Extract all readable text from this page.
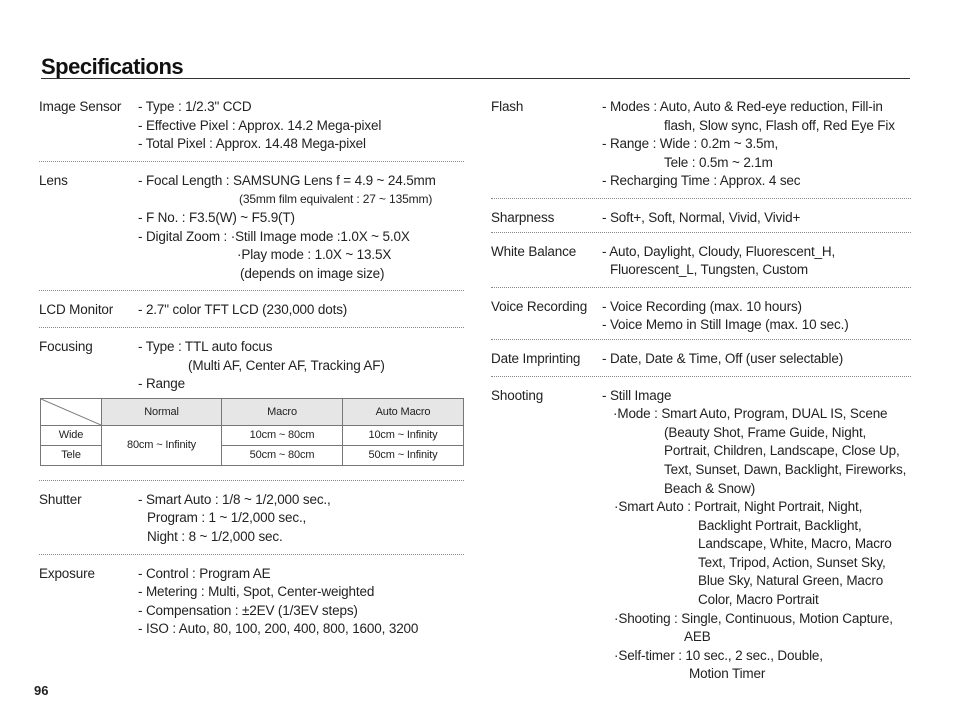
Specifications
Image Sensor	- Type : 1/2.3" CCD
- Effective Pixel : Approx. 14.2 Mega-pixel
- Total Pixel : Approx. 14.48 Mega-pixel
Lens	- Focal Length : SAMSUNG Lens f = 4.9 ~ 24.5mm
(35mm film equivalent : 27 ~ 135mm)
- F No. : F3.5(W) ~ F5.9(T)
- Digital Zoom : ·Still Image mode :1.0X ~ 5.0X
·Play mode : 1.0X ~ 13.5X
(depends on image size)
LCD Monitor	- 2.7" color TFT LCD (230,000 dots)
Focusing	- Type : TTL auto focus
(Multi AF, Center AF, Tracking AF)
- Range
	Normal	Macro	Auto Macro
Wide	80cm ~ Infinity	10cm ~ 80cm	10cm ~ Infinity
Tele		50cm ~ 80cm	50cm ~ Infinity
Shutter	- Smart Auto : 1/8 ~ 1/2,000 sec.,
Program : 1 ~ 1/2,000 sec.,
Night : 8 ~ 1/2,000 sec.
Exposure	- Control : Program AE
- Metering : Multi, Spot, Center-weighted
- Compensation : ±2EV (1/3EV steps)
- ISO : Auto, 80, 100, 200, 400, 800, 1600, 3200
Flash	- Modes : Auto, Auto & Red-eye reduction, Fill-in
flash, Slow sync, Flash off, Red Eye Fix
- Range : Wide : 0.2m ~ 3.5m,
Tele : 0.5m ~ 2.1m
- Recharging Time : Approx. 4 sec
Sharpness	- Soft+, Soft, Normal, Vivid, Vivid+
White Balance	- Auto, Daylight, Cloudy, Fluorescent_H,
Fluorescent_L, Tungsten, Custom
Voice Recording	- Voice Recording (max. 10 hours)
- Voice Memo in Still Image (max. 10 sec.)
Date Imprinting	- Date, Date & Time, Off (user selectable)
Shooting	- Still Image
·Mode : Smart Auto, Program, DUAL IS, Scene
(Beauty Shot, Frame Guide, Night,
Portrait, Children, Landscape, Close Up,
Text, Sunset, Dawn, Backlight, Fireworks,
Beach & Snow)
·Smart Auto : Portrait, Night Portrait, Night,
Backlight Portrait, Backlight,
Landscape, White, Macro, Macro
Text, Tripod, Action, Sunset Sky,
Blue Sky, Natural Green, Macro
Color, Macro Portrait
·Shooting : Single, Continuous, Motion Capture,
AEB
·Self-timer : 10 sec., 2 sec., Double,
Motion Timer
96
